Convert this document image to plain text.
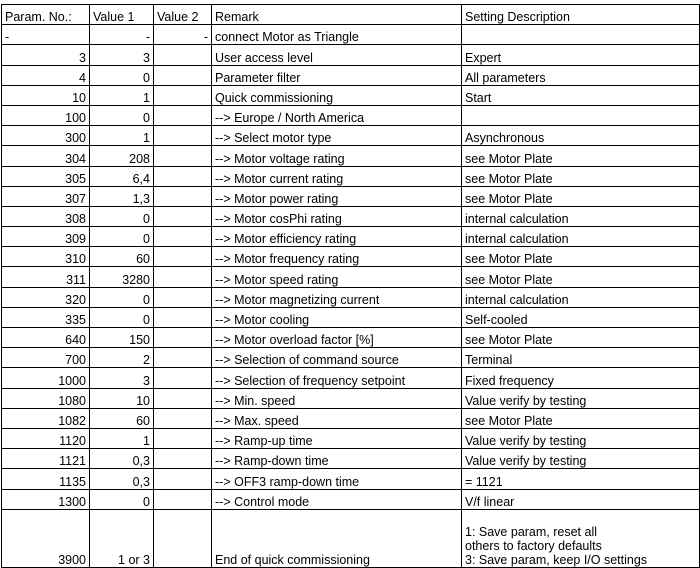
Param. No.:	Value 1	Value 2	Remark	Setting Description
-	-	-	connect Motor as Triangle	
3	3		User access level	Expert
4	0		Parameter filter	All parameters
10	1		Quick commissioning	Start
100	0		--> Europe / North America	
300	1		--> Select motor type	Asynchronous
304	208		--> Motor voltage rating	see Motor Plate
305	6,4		--> Motor current rating	see Motor Plate
307	1,3		--> Motor power rating	see Motor Plate
308	0		--> Motor cosPhi rating	internal calculation
309	0		--> Motor efficiency rating	internal calculation
310	60		--> Motor frequency rating	see Motor Plate
311	3280		--> Motor speed rating	see Motor Plate
320	0		--> Motor magnetizing current	internal calculation
335	0		--> Motor cooling	Self-cooled
640	150		--> Motor overload factor [%]	see Motor Plate
700	2		--> Selection of command source	Terminal
1000	3		--> Selection of frequency setpoint	Fixed frequency
1080	10		--> Min. speed	Value verify by testing
1082	60		--> Max. speed	see Motor Plate
1120	1		--> Ramp-up time	Value verify by testing
1121	0,3		--> Ramp-down time	Value verify by testing
1135	0,3		--> OFF3 ramp-down time	= 1121
1300	0		--> Control mode	V/f linear
3900	1 or 3		End of quick commissioning	1: Save param, reset all
others to factory defaults
3: Save param, keep I/O settings
